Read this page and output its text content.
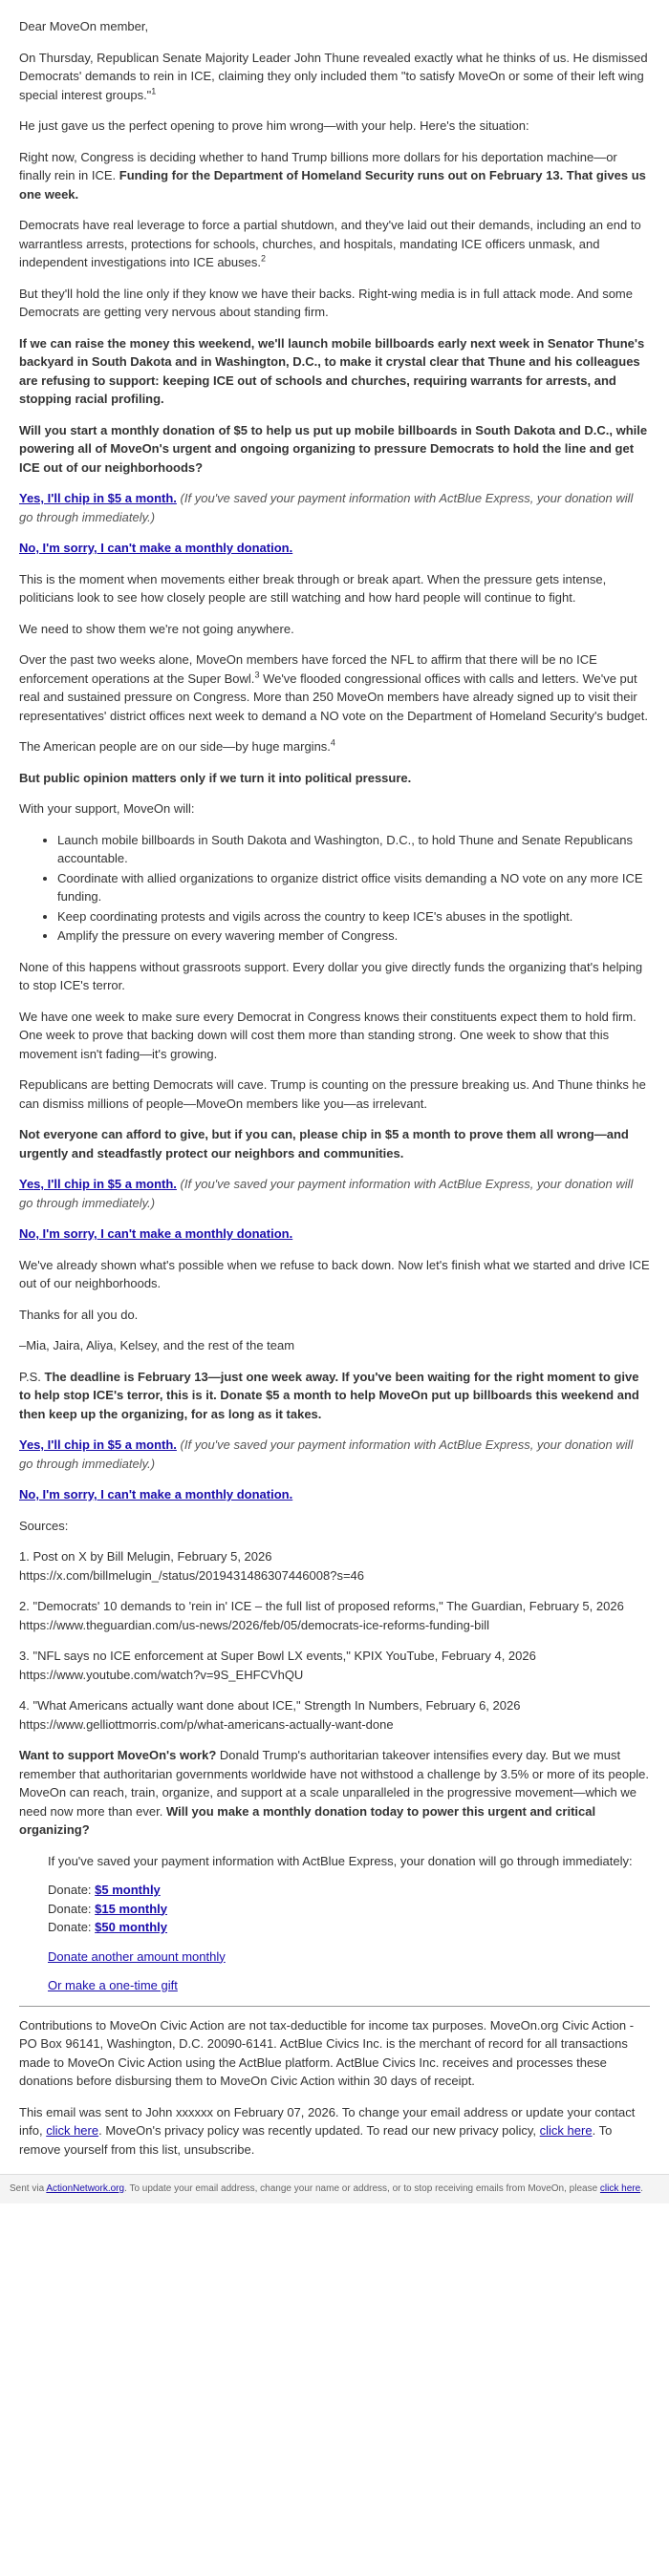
Dear MoveOn member,

On Thursday, Republican Senate Majority Leader John Thune revealed exactly what he thinks of us. He dismissed Democrats' demands to rein in ICE, claiming they only included them "to satisfy MoveOn or some of their left wing special interest groups."$^1$

He just gave us the perfect opening to prove him wrong—with your help. Here's the situation:

Right now, Congress is deciding whether to hand Trump billions more dollars for his deportation machine—or finally rein in ICE. Funding for the Department of Homeland Security runs out on February 13. That gives us one week.

Democrats have real leverage to force a partial shutdown, and they've laid out their demands, including an end to warrantless arrests, protections for schools, churches, and hospitals, mandating ICE officers unmask, and independent investigations into ICE abuses.$^2$

But they'll hold the line only if they know we have their backs. Right-wing media is in full attack mode. And some Democrats are getting very nervous about standing firm.

If we can raise the money this weekend, we'll launch mobile billboards early next week in Senator Thune's backyard in South Dakota and in Washington, D.C., to make it crystal clear that Thune and his colleagues are refusing to support: keeping ICE out of schools and churches, requiring warrants for arrests, and stopping racial profiling.

Will you start a monthly donation of $5 to help us put up mobile billboards in South Dakota and D.C., while powering all of MoveOn's urgent and ongoing organizing to pressure Democrats to hold the line and get ICE out of our neighborhoods?

Yes, I'll chip in $5 a month. (If you've saved your payment information with ActBlue Express, your donation will go through immediately.)

No, I'm sorry, I can't make a monthly donation.

This is the moment when movements either break through or break apart. When the pressure gets intense, politicians look to see how closely people are still watching and how hard people will continue to fight.

We need to show them we're not going anywhere.

Over the past two weeks alone, MoveOn members have forced the NFL to affirm that there will be no ICE enforcement operations at the Super Bowl.$^3$ We've flooded congressional offices with calls and letters. We've put real and sustained pressure on Congress. More than 250 MoveOn members have already signed up to visit their representatives' district offices next week to demand a NO vote on the Department of Homeland Security's budget.

The American people are on our side—by huge margins.$^4$

But public opinion matters only if we turn it into political pressure.

With your support, MoveOn will:

• Launch mobile billboards in South Dakota and Washington, D.C., to hold Thune and Senate Republicans accountable.
• Coordinate with allied organizations to organize district office visits demanding a NO vote on any more ICE funding.
• Keep coordinating protests and vigils across the country to keep ICE's abuses in the spotlight.
• Amplify the pressure on every wavering member of Congress.

None of this happens without grassroots support. Every dollar you give directly funds the organizing that's helping to stop ICE's terror.

We have one week to make sure every Democrat in Congress knows their constituents expect them to hold firm. One week to prove that backing down will cost them more than standing strong. One week to show that this movement isn't fading—it's growing.

Republicans are betting Democrats will cave. Trump is counting on the pressure breaking us. And Thune thinks he can dismiss millions of people—MoveOn members like you—as irrelevant.

Not everyone can afford to give, but if you can, please chip in $5 a month to prove them all wrong—and urgently and steadfastly protect our neighbors and communities.

Yes, I'll chip in $5 a month. (If you've saved your payment information with ActBlue Express, your donation will go through immediately.)

No, I'm sorry, I can't make a monthly donation.

We've already shown what's possible when we refuse to back down. Now let's finish what we started and drive ICE out of our neighborhoods.

Thanks for all you do.

–Mia, Jaira, Aliya, Kelsey, and the rest of the team

P.S. The deadline is February 13—just one week away. If you've been waiting for the right moment to give to help stop ICE's terror, this is it. Donate $5 a month to help MoveOn put up billboards this weekend and then keep up the organizing, for as long as it takes.

Yes, I'll chip in $5 a month. (If you've saved your payment information with ActBlue Express, your donation will go through immediately.)

No, I'm sorry, I can't make a monthly donation.

Sources:

1. Post on X by Bill Melugin, February 5, 2026
https://x.com/billmelugin_/status/2019431486307446008?s=46
2. "Democrats' 10 demands to 'rein in' ICE – the full list of proposed reforms," The Guardian, February 5, 2026
https://www.theguardian.com/us-news/2026/feb/05/democrats-ice-reforms-funding-bill
3. "NFL says no ICE enforcement at Super Bowl LX events," KPIX YouTube, February 4, 2026
https://www.youtube.com/watch?v=9S_EHFCVhQU
4. "What Americans actually want done about ICE," Strength In Numbers, February 6, 2026
https://www.gelliottmorris.com/p/what-americans-actually-want-done

Want to support MoveOn's work? Donald Trump's authoritarian takeover intensifies every day. But we must remember that authoritarian governments worldwide have not withstood a challenge by 3.5% or more of its people. MoveOn can reach, train, organize, and support at a scale unparalleled in the progressive movement—which we need now more than ever. Will you make a monthly donation today to power this urgent and critical organizing?

If you've saved your payment information with ActBlue Express, your donation will go through immediately:

Donate: $5 monthly
Donate: $15 monthly
Donate: $50 monthly

Donate another amount monthly

Or make a one-time gift

Contributions to MoveOn Civic Action are not tax-deductible for income tax purposes. MoveOn.org Civic Action - PO Box 96141, Washington, D.C. 20090-6141. ActBlue Civics Inc. is the merchant of record for all transactions made to MoveOn Civic Action using the ActBlue platform. ActBlue Civics Inc. receives and processes these donations before disbursing them to MoveOn Civic Action within 30 days of receipt.

This email was sent to John xxxxxx on February 07, 2026. To change your email address or update your contact info, click here. MoveOn's privacy policy was recently updated. To read our new privacy policy, click here. To remove yourself from this list, unsubscribe.

Sent via ActionNetwork.org. To update your email address, change your name or address, or to stop receiving emails from MoveOn, please click here.
